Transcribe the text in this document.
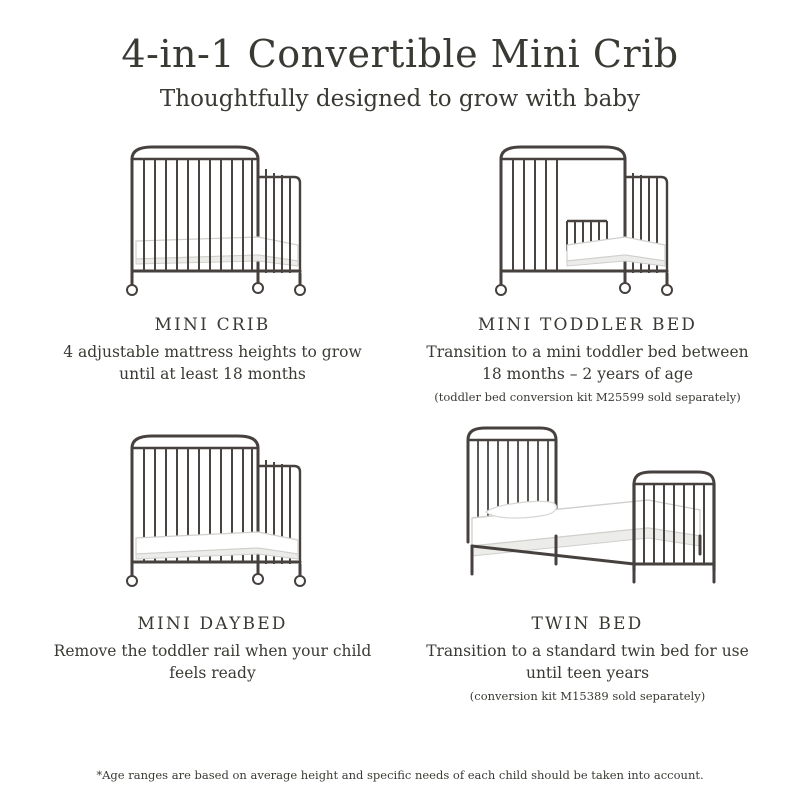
4-in-1 Convertible Mini Crib
Thoughtfully designed to grow with baby
MINI CRIB
4 adjustable mattress heights to grow until at least 18 months
MINI TODDLER BED
Transition to a mini toddler bed between 18 months – 2 years of age
(toddler bed conversion kit M25599 sold separately)
MINI DAYBED
Remove the toddler rail when your child feels ready
TWIN BED
Transition to a standard twin bed for use until teen years
(conversion kit M15389 sold separately)
*Age ranges are based on average height and specific needs of each child should be taken into account.
